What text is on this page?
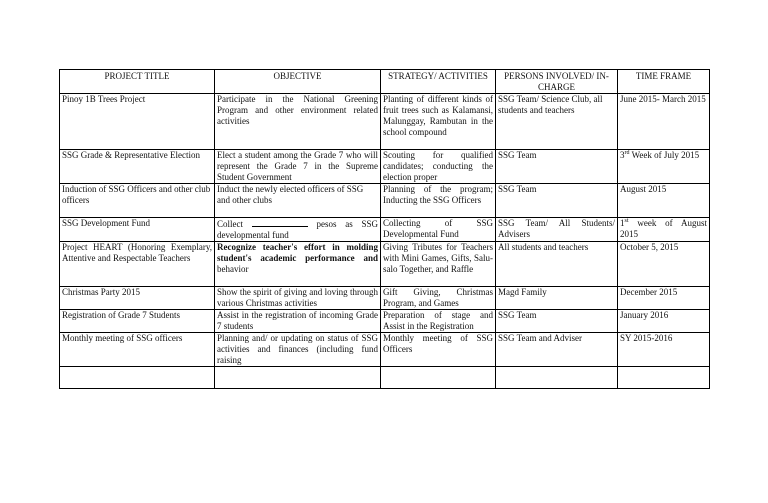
PROJECT TITLE	OBJECTIVE	STRATEGY/ ACTIVITIES	PERSONS INVOLVED/ IN-CHARGE	TIME FRAME
Pinoy 1B Trees Project	Participate in the National Greening Program and other environment related activities	Planting of different kinds of fruit trees such as Kalamansi, Malunggay, Rambutan in the school compound	SSG Team/ Science Club, all students and teachers	June 2015- March 2015
SSG Grade & Representative Election	Elect a student among the Grade 7 who will represent the Grade 7 in the Supreme Student Government	Scouting for qualified candidates; conducting the election proper	SSG Team	3rd Week of July 2015
Induction of SSG Officers and other club officers	Induct the newly elected officers of SSG and other clubs	Planning of the program; Inducting the SSG Officers	SSG Team	August 2015
SSG Development Fund	Collect pesos as SSG developmental fund	Collecting of SSG Developmental Fund	SSG Team/ All Students/ Advisers	1st week of August 2015
Project HEART (Honoring Exemplary, Attentive and Respectable Teachers	Recognize teacher's effort in molding student's academic performance and behavior	Giving Tributes for Teachers with Mini Games, Gifts, Salu-salo Together, and Raffle	All students and teachers	October 5, 2015
Christmas Party 2015	Show the spirit of giving and loving through various Christmas activities	Gift Giving, Christmas Program, and Games	Magd Family	December 2015
Registration of Grade 7 Students	Assist in the registration of incoming Grade 7 students	Preparation of stage and Assist in the Registration	SSG Team	January 2016
Monthly meeting of SSG officers	Planning and/ or updating on status of SSG activities and finances (including fund raising	Monthly meeting of SSG Officers	SSG Team and Adviser	SY 2015-2016
